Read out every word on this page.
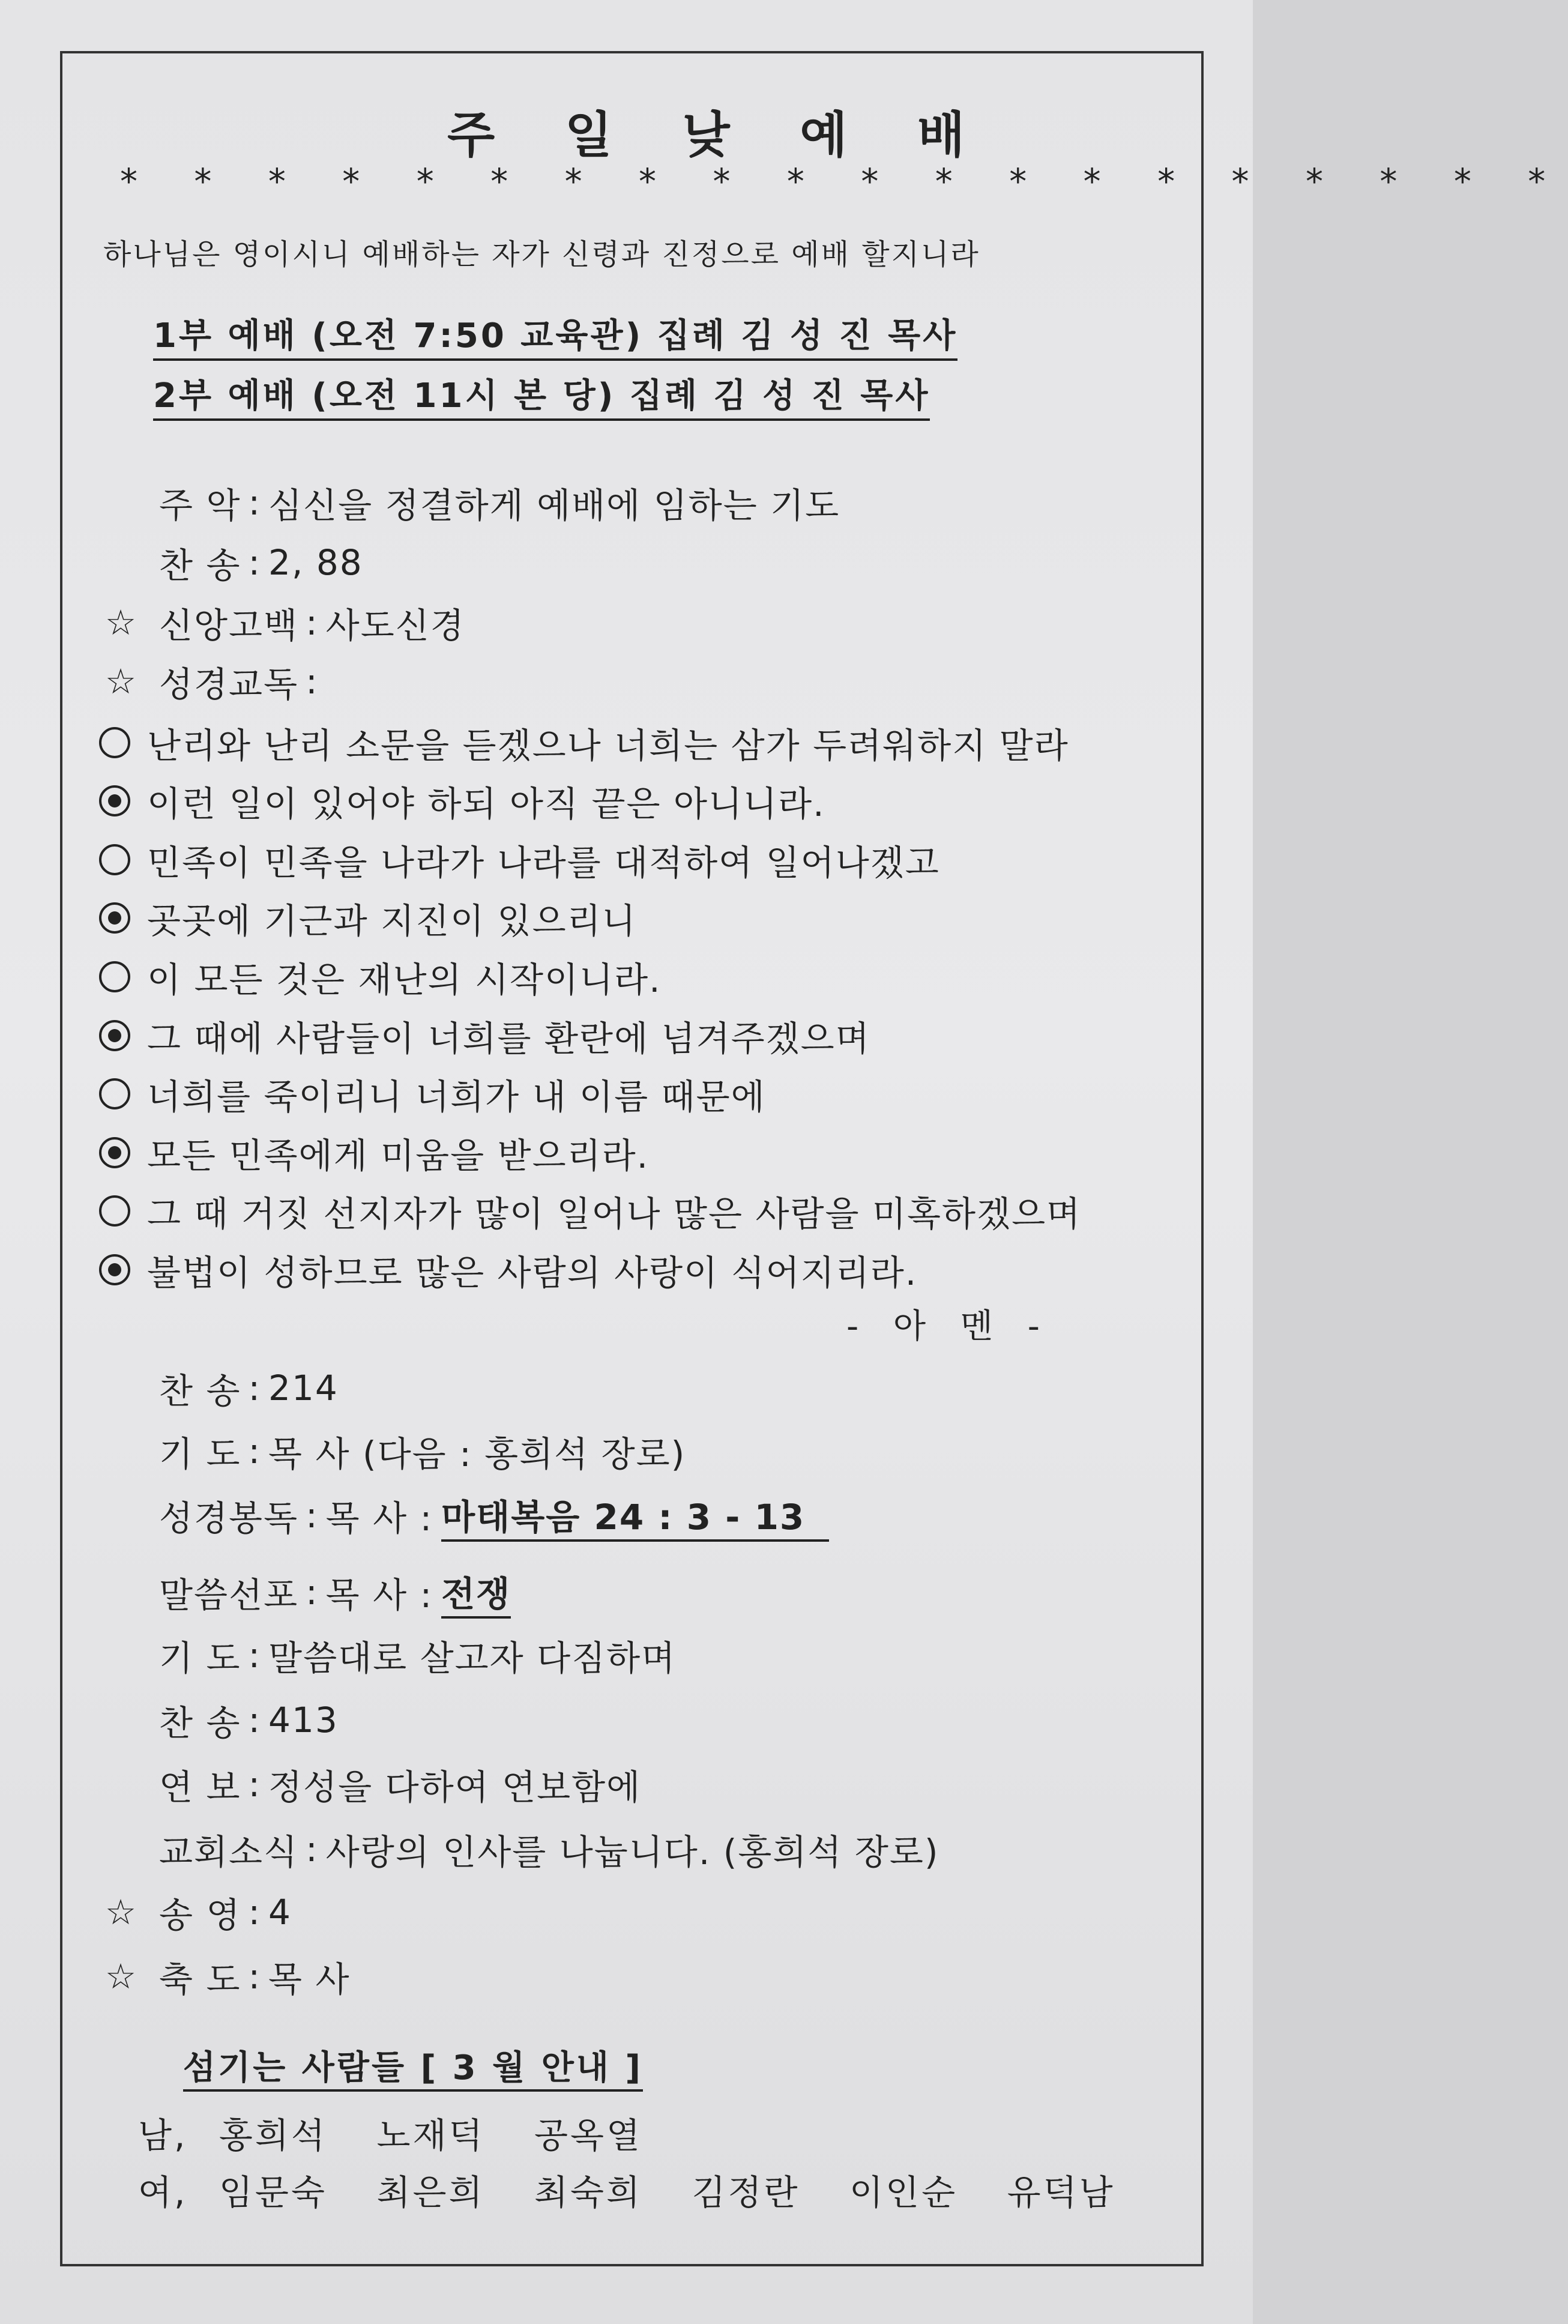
주 일 낮 예 배
* * * * * * * * * * * * * * * * * * * *
하나님은 영이시니 예배하는 자가 신령과 진정으로 예배 할지니라
1부 예배 (오전 7:50 교육관) 집례 김 성 진 목사
2부 예배 (오전 11시 본 당) 집례 김 성 진 목사
주 악 : 심신을 정결하게 예배에 임하는 기도
찬 송 : 2, 88
☆ 신앙고백 : 사도신경
☆ 성경교독 :
난리와 난리 소문을 듣겠으나 너희는 삼가 두려워하지 말라
이런 일이 있어야 하되 아직 끝은 아니니라.
민족이 민족을 나라가 나라를 대적하여 일어나겠고
곳곳에 기근과 지진이 있으리니
이 모든 것은 재난의 시작이니라.
그 때에 사람들이 너희를 환란에 넘겨주겠으며
너희를 죽이리니 너희가 내 이름 때문에
모든 민족에게 미움을 받으리라.
그 때 거짓 선지자가 많이 일어나 많은 사람을 미혹하겠으며
불법이 성하므로 많은 사람의 사랑이 식어지리라.
- 아 멘 -
찬 송 : 214
기 도 : 목 사 (다음 : 홍희석 장로)
성경봉독 : 목 사 : 마태복음 24 : 3 - 13
말씀선포 : 목 사 : 전쟁
기 도 : 말씀대로 살고자 다짐하며
찬 송 : 413
연 보 : 정성을 다하여 연보함에
교회소식 : 사랑의 인사를 나눕니다. (홍희석 장로)
☆ 송 영 : 4
☆ 축 도 : 목 사
섬기는 사람들 [ 3 월 안내 ]
남, 홍희석 노재덕 공옥열
여, 임문숙 최은희 최숙희 김정란 이인순 유덕남
